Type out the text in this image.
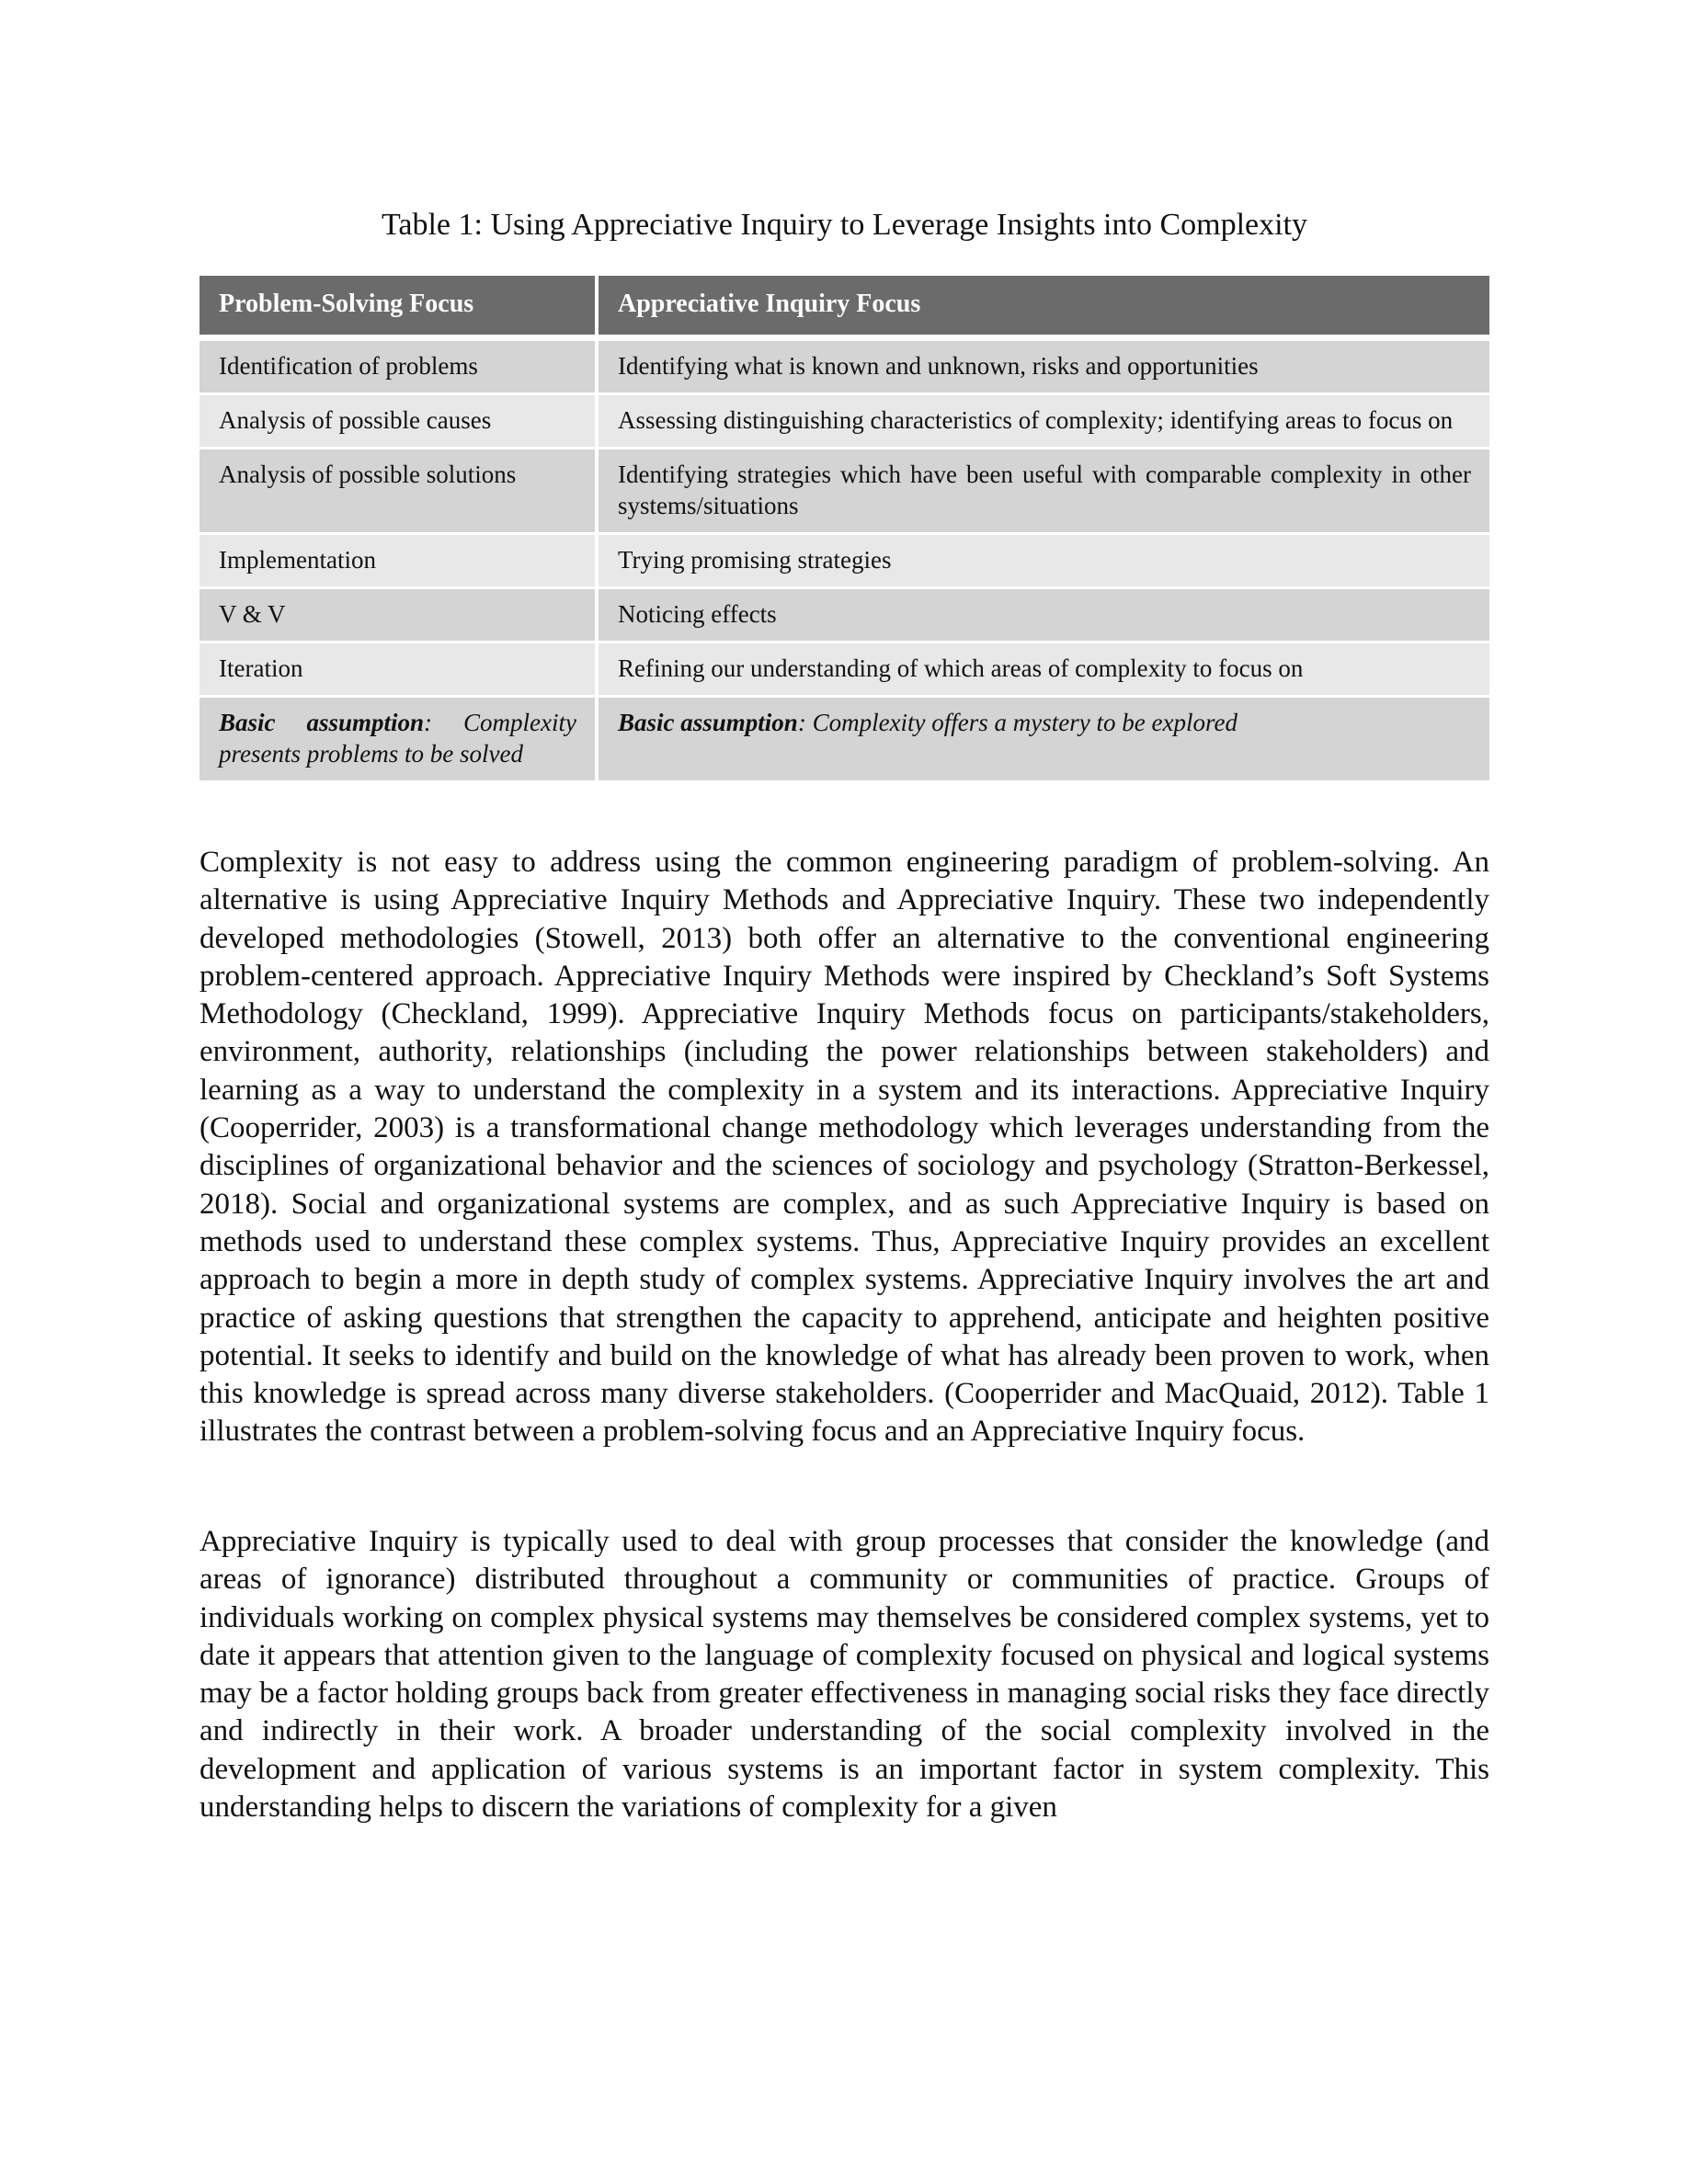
Table 1: Using Appreciative Inquiry to Leverage Insights into Complexity
Problem-Solving Focus	Appreciative Inquiry Focus
Identification of problems	Identifying what is known and unknown, risks and opportunities
Analysis of possible causes	Assessing distinguishing characteristics of complexity; identifying areas to focus on
Analysis of possible solutions	Identifying strategies which have been useful with comparable complexity in other systems/situations
Implementation	Trying promising strategies
V & V	Noticing effects
Iteration	Refining our understanding of which areas of complexity to focus on
Basic assumption: Complexity presents problems to be solved	Basic assumption: Complexity offers a mystery to be explored

Complexity is not easy to address using the common engineering paradigm of problem-solving. An alternative is using Appreciative Inquiry Methods and Appreciative Inquiry. These two independently developed methodologies (Stowell, 2013) both offer an alternative to the conventional engineering problem-centered approach. Appreciative Inquiry Methods were inspired by Checkland’s Soft Systems Methodology (Checkland, 1999). Appreciative Inquiry Methods focus on participants/stakeholders, environment, authority, relationships (including the power relationships between stakeholders) and learning as a way to understand the complexity in a system and its interactions. Appreciative Inquiry (Cooperrider, 2003) is a transformational change methodology which leverages understanding from the disciplines of organizational behavior and the sciences of sociology and psychology (Stratton-Berkessel, 2018). Social and organizational systems are complex, and as such Appreciative Inquiry is based on methods used to understand these complex systems. Thus, Appreciative Inquiry provides an excellent approach to begin a more in depth study of complex systems. Appreciative Inquiry involves the art and practice of asking questions that strengthen the capacity to apprehend, anticipate and heighten positive potential. It seeks to identify and build on the knowledge of what has already been proven to work, when this knowledge is spread across many diverse stakeholders. (Cooperrider and MacQuaid, 2012). Table 1 illustrates the contrast between a problem-solving focus and an Appreciative Inquiry focus.

Appreciative Inquiry is typically used to deal with group processes that consider the knowledge (and areas of ignorance) distributed throughout a community or communities of practice. Groups of individuals working on complex physical systems may themselves be considered complex systems, yet to date it appears that attention given to the language of complexity focused on physical and logical systems may be a factor holding groups back from greater effectiveness in managing social risks they face directly and indirectly in their work. A broader understanding of the social complexity involved in the development and application of various systems is an important factor in system complexity. This understanding helps to discern the variations of complexity for a given
